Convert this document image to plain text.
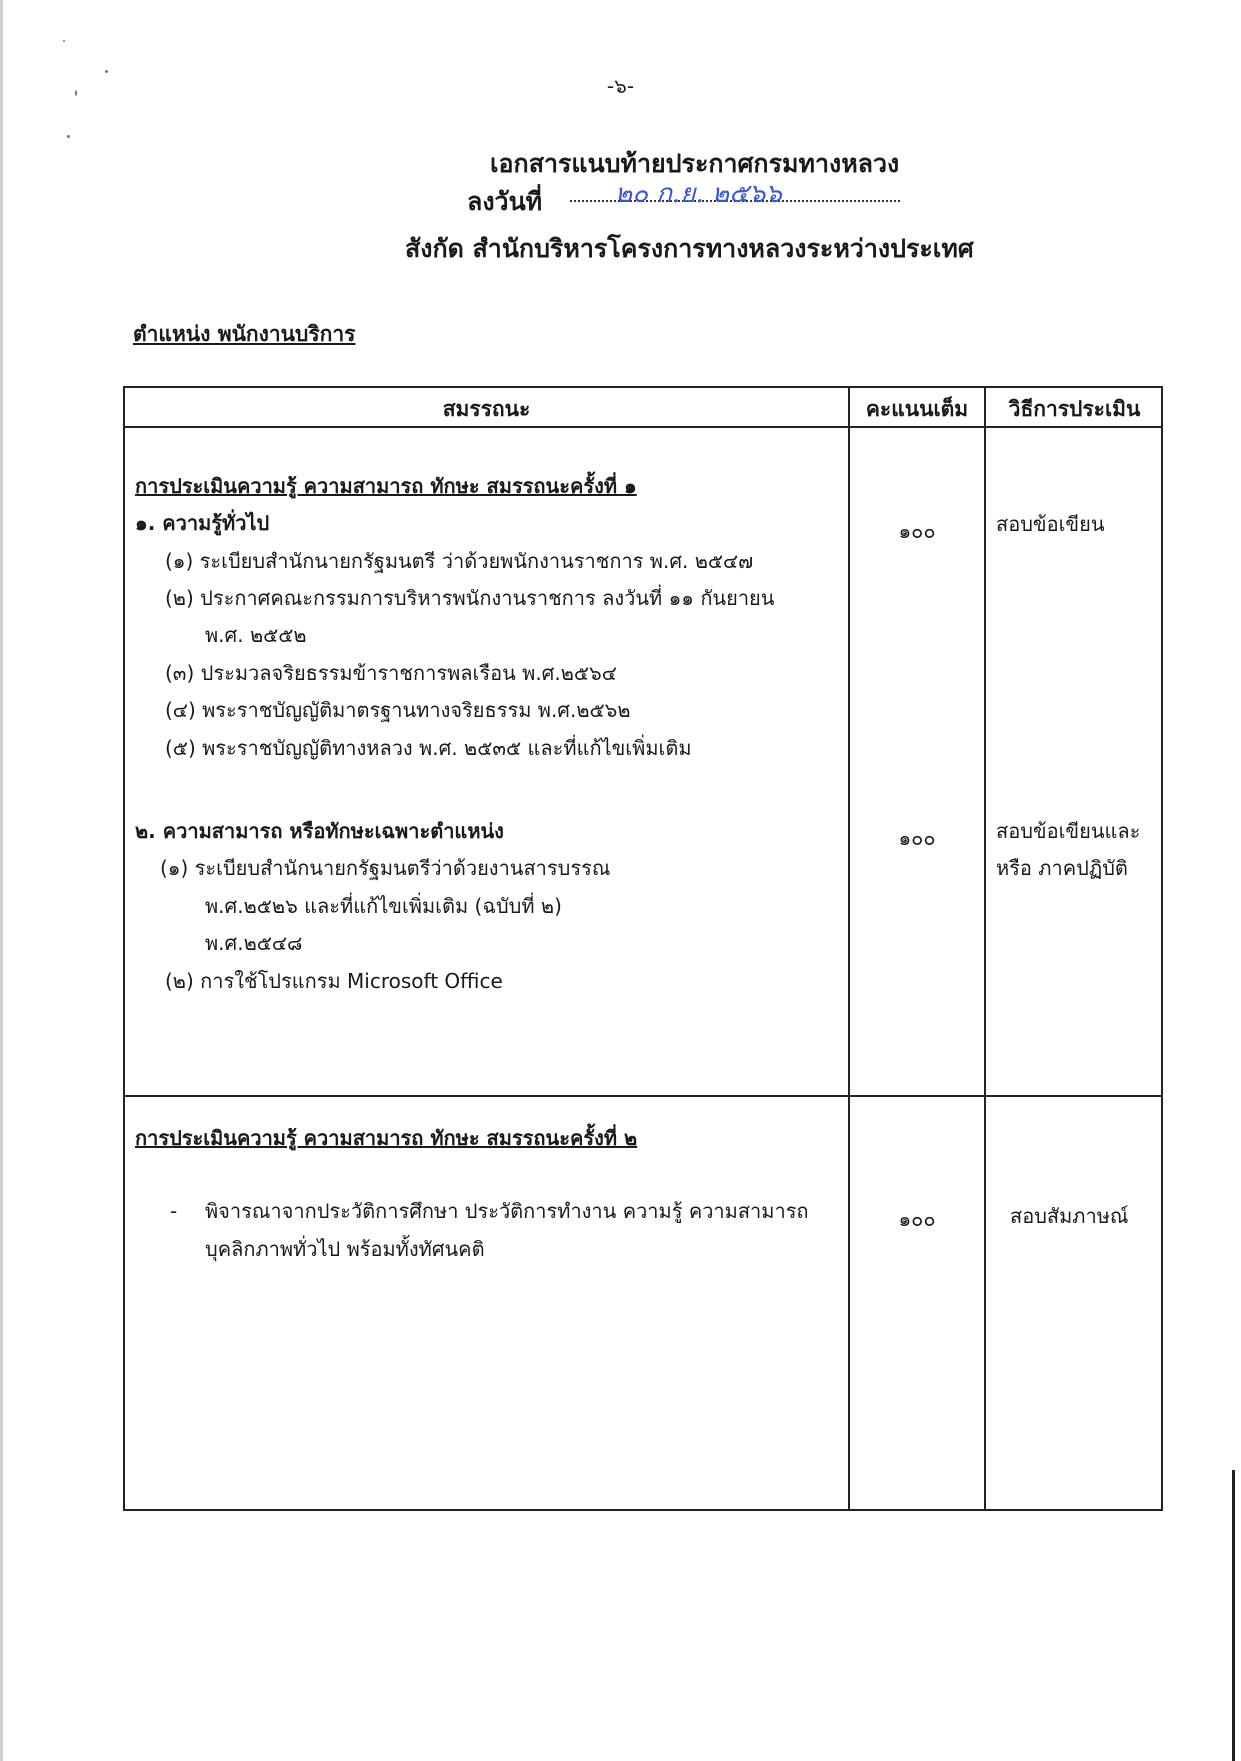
-๖-
เอกสารแนบท้ายประกาศกรมทางหลวง
ลงวันที่	๒๐ ก.ย. ๒๕๖๖
สังกัด สำนักบริหารโครงการทางหลวงระหว่างประเทศ
ตำแหน่ง พนักงานบริการ
สมรรถนะ	คะแนนเต็ม	วิธีการประเมิน
การประเมินความรู้ ความสามารถ ทักษะ สมรรถนะครั้งที่ ๑
๑. ความรู้ทั่วไป
(๑) ระเบียบสำนักนายกรัฐมนตรี ว่าด้วยพนักงานราชการ พ.ศ. ๒๕๔๗
(๒) ประกาศคณะกรรมการบริหารพนักงานราชการ ลงวันที่ ๑๑ กันยายน
พ.ศ. ๒๕๕๒
(๓) ประมวลจริยธรรมข้าราชการพลเรือน พ.ศ.๒๕๖๔
(๔) พระราชบัญญัติมาตรฐานทางจริยธรรม พ.ศ.๒๕๖๒
(๕) พระราชบัญญัติทางหลวง พ.ศ. ๒๕๓๕ และที่แก้ไขเพิ่มเติม
๑๐๐	สอบข้อเขียน
๒. ความสามารถ หรือทักษะเฉพาะตำแหน่ง
(๑) ระเบียบสำนักนายกรัฐมนตรีว่าด้วยงานสารบรรณ
พ.ศ.๒๕๒๖ และที่แก้ไขเพิ่มเติม (ฉบับที่ ๒)
พ.ศ.๒๕๔๘
(๒) การใช้โปรแกรม Microsoft Office
๑๐๐	สอบข้อเขียนและ
หรือ ภาคปฏิบัติ
การประเมินความรู้ ความสามารถ ทักษะ สมรรถนะครั้งที่ ๒
- พิจารณาจากประวัติการศึกษา ประวัติการทำงาน ความรู้ ความสามารถ
บุคลิกภาพทั่วไป พร้อมทั้งทัศนคติ
๑๐๐	สอบสัมภาษณ์
